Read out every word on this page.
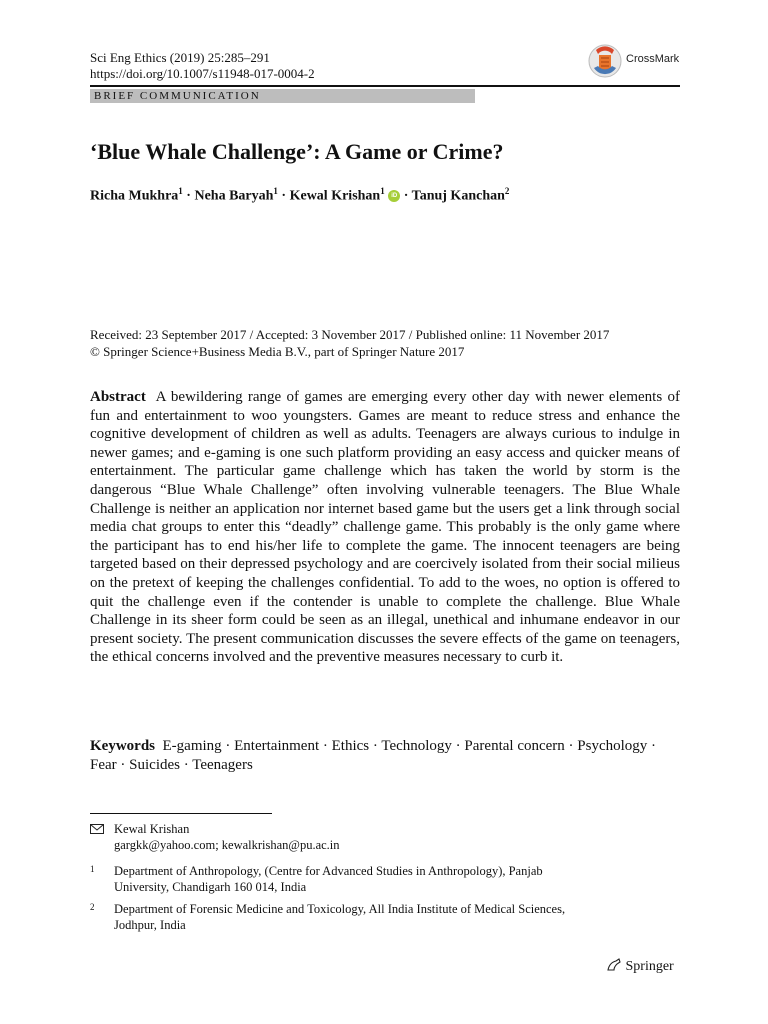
Sci Eng Ethics (2019) 25:285–291
https://doi.org/10.1007/s11948-017-0004-2
CrossMark
BRIEF COMMUNICATION
‘Blue Whale Challenge’: A Game or Crime?
Richa Mukhra$^1$ · Neha Baryah$^1$ · Kewal Krishan$^1$ iD · Tanuj Kanchan$^2$
Received: 23 September 2017 / Accepted: 3 November 2017 / Published online: 11 November 2017
© Springer Science+Business Media B.V., part of Springer Nature 2017

Abstract A bewildering range of games are emerging every other day with newer elements of fun and entertainment to woo youngsters. Games are meant to reduce stress and enhance the cognitive development of children as well as adults. Teenagers are always curious to indulge in newer games; and e-gaming is one such platform providing an easy access and quicker means of entertainment. The particular game challenge which has taken the world by storm is the dangerous “Blue Whale Challenge” often involving vulnerable teenagers. The Blue Whale Challenge is neither an application nor internet based game but the users get a link through social media chat groups to enter this “deadly” challenge game. This probably is the only game where the participant has to end his/her life to complete the game. The innocent teenagers are being targeted based on their depressed psychology and are coercively isolated from their social milieus on the pretext of keeping the challenges confidential. To add to the woes, no option is offered to quit the challenge even if the contender is unable to complete the challenge. Blue Whale Challenge in its sheer form could be seen as an illegal, unethical and inhumane endeavor in our present society. The present communication discusses the severe effects of the game on teenagers, the ethical concerns involved and the preventive measures necessary to curb it.

Keywords E-gaming · Entertainment · Ethics · Technology · Parental concern · Psychology · Fear · Suicides · Teenagers

Kewal Krishan
gargkk@yahoo.com; kewalkrishan@pu.ac.in
1 Department of Anthropology, (Centre for Advanced Studies in Anthropology), Panjab
University, Chandigarh 160 014, India
2 Department of Forensic Medicine and Toxicology, All India Institute of Medical Sciences,
Jodhpur, India
Springer
